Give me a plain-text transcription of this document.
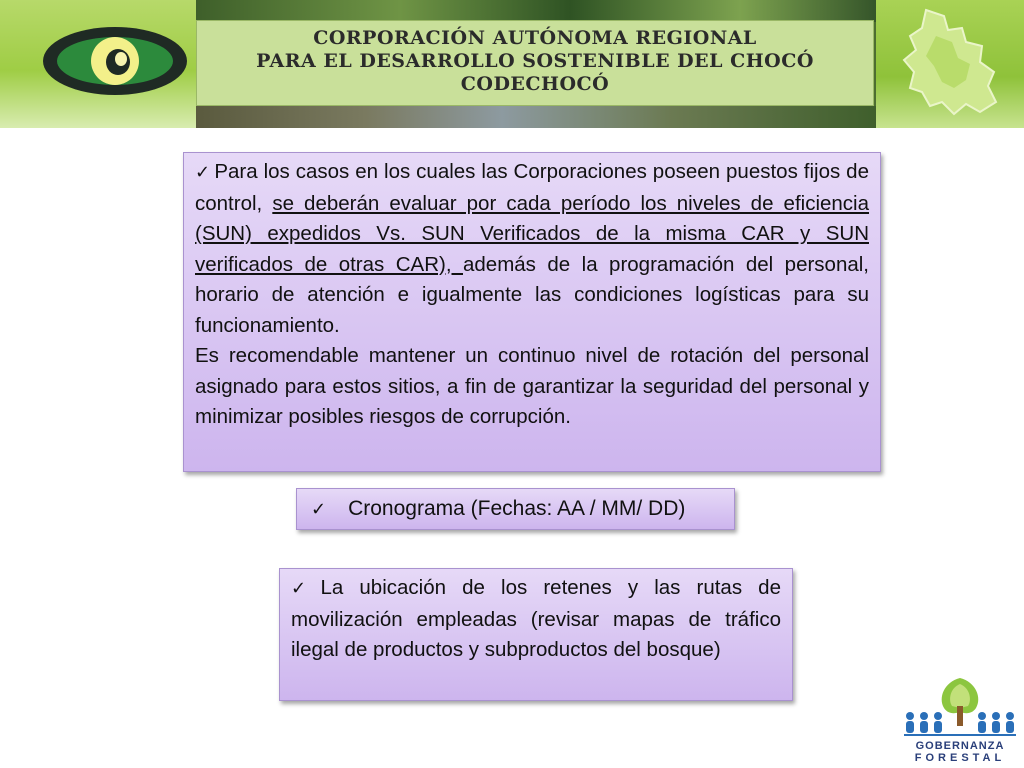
CORPORACIÓN AUTÓNOMA REGIONAL
PARA EL DESARROLLO SOSTENIBLE DEL CHOCÓ
CODECHOCÓ

✓ Para los casos en los cuales las Corporaciones poseen puestos fijos de control, se deberán evaluar por cada período los niveles de eficiencia (SUN) expedidos Vs. SUN Verificados de la misma CAR y SUN verificados de otras CAR), además de la programación del personal, horario de atención e igualmente las condiciones logísticas para su funcionamiento.

Es recomendable mantener un continuo nivel de rotación del personal asignado para estos sitios, a fin de garantizar la seguridad del personal y minimizar posibles riesgos de corrupción.

✓ Cronograma (Fechas: AA / MM/ DD)

✓ La ubicación de los retenes y las rutas de movilización empleadas (revisar mapas de tráfico ilegal de productos y subproductos del bosque)

GOBERNANZA
FORESTAL
